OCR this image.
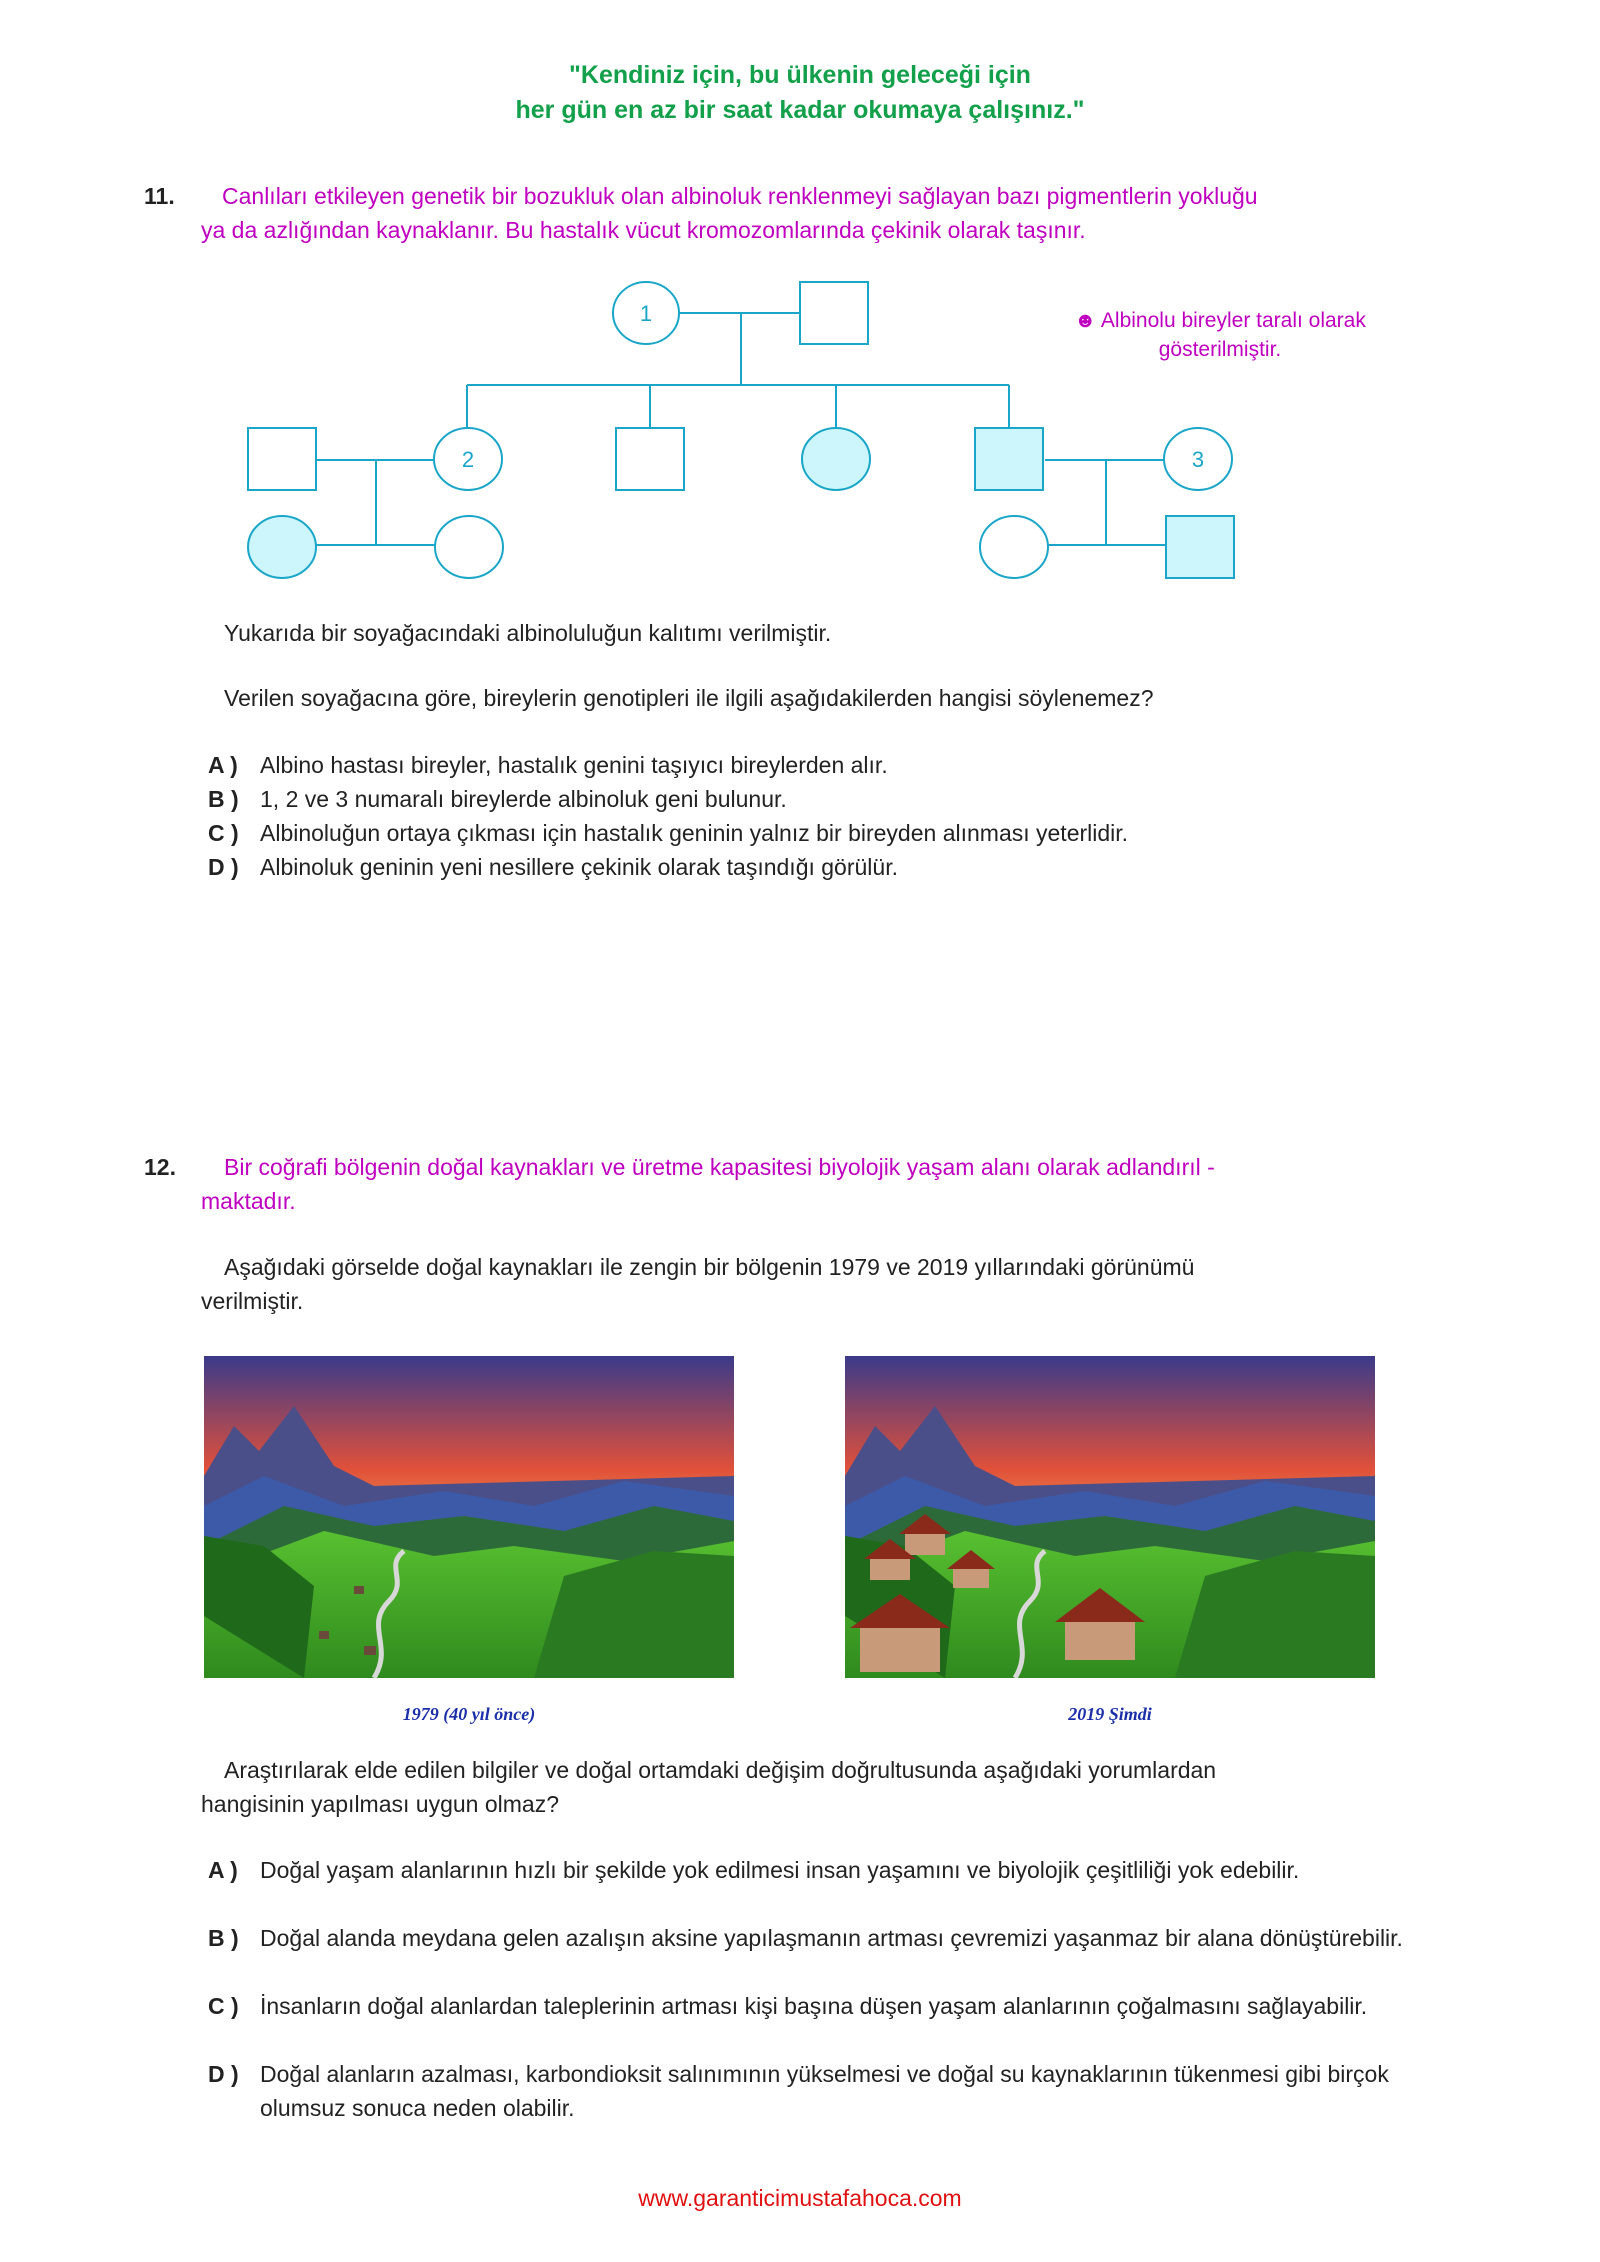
"Kendiniz için, bu ülkenin geleceği için
her gün en az bir saat kadar okumaya çalışınız."
11. Canlıları etkileyen genetik bir bozukluk olan albinoluk renklenmeyi sağlayan bazı pigmentlerin yokluğu
ya da azlığından kaynaklanır. Bu hastalık vücut kromozomlarında çekinik olarak taşınır.
1
2	3
☻ Albinolu bireyler taralı olarak
gösterilmiştir.
Yukarıda bir soyağacındaki albinoluluğun kalıtımı verilmiştir.
Verilen soyağacına göre, bireylerin genotipleri ile ilgili aşağıdakilerden hangisi söylenemez?
A ) Albino hastası bireyler, hastalık genini taşıyıcı bireylerden alır.
B ) 1, 2 ve 3 numaralı bireylerde albinoluk geni bulunur.
C ) Albinoluğun ortaya çıkması için hastalık geninin yalnız bir bireyden alınması yeterlidir.
D ) Albinoluk geninin yeni nesillere çekinik olarak taşındığı görülür.
12. Bir coğrafi bölgenin doğal kaynakları ve üretme kapasitesi biyolojik yaşam alanı olarak adlandırıl -
maktadır.
Aşağıdaki görselde doğal kaynakları ile zengin bir bölgenin 1979 ve 2019 yıllarındaki görünümü
verilmiştir.
1979 (40 yıl önce)	2019 Şimdi
Araştırılarak elde edilen bilgiler ve doğal ortamdaki değişim doğrultusunda aşağıdaki yorumlardan
hangisinin yapılması uygun olmaz?
A ) Doğal yaşam alanlarının hızlı bir şekilde yok edilmesi insan yaşamını ve biyolojik çeşitliliği yok edebilir.
B ) Doğal alanda meydana gelen azalışın aksine yapılaşmanın artması çevremizi yaşanmaz bir alana dönüştürebilir.
C ) İnsanların doğal alanlardan taleplerinin artması kişi başına düşen yaşam alanlarının çoğalmasını sağlayabilir.
D ) Doğal alanların azalması, karbondioksit salınımının yükselmesi ve doğal su kaynaklarının tükenmesi gibi birçok olumsuz sonuca neden olabilir.
www.garanticimustafahoca.com
